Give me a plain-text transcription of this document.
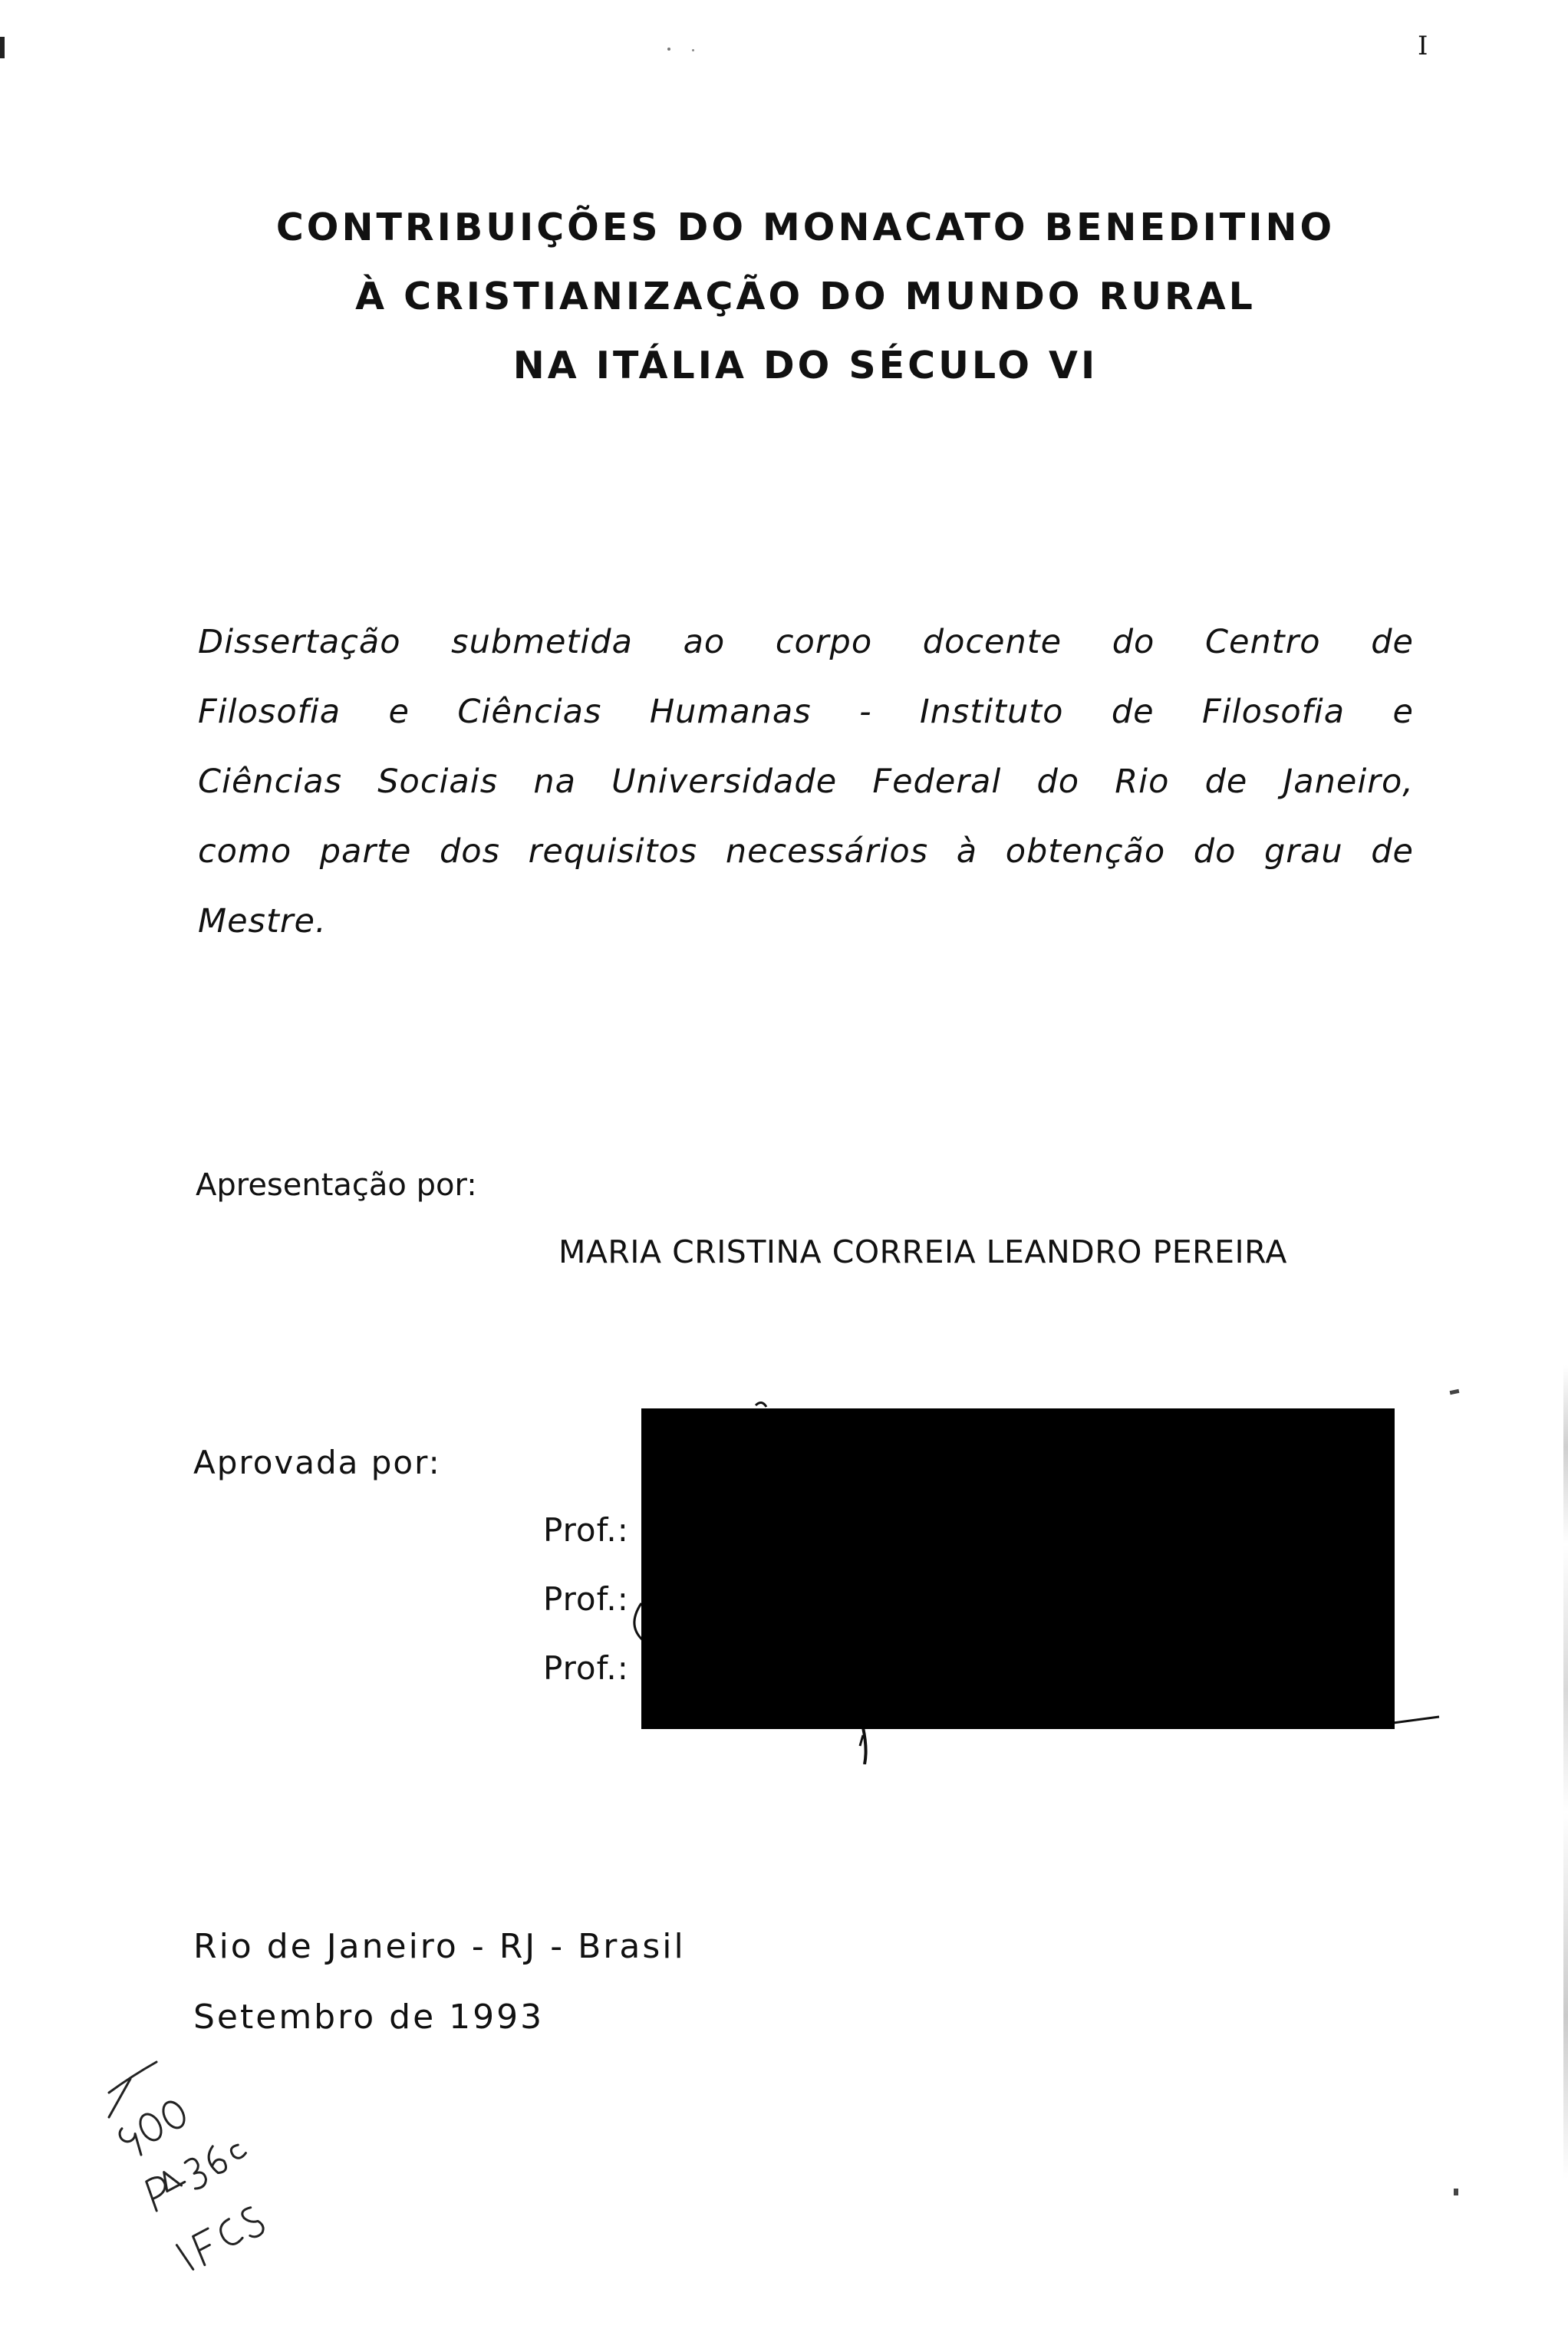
I
CONTRIBUIÇÕES DO MONACATO BENEDITINO
À CRISTIANIZAÇÃO DO MUNDO RURAL
NA ITÁLIA DO SÉCULO VI
Dissertação submetida ao corpo docente do Centro de
Filosofia e Ciências Humanas - Instituto de Filosofia e
Ciências Sociais na Universidade Federal do Rio de Janeiro,
como parte dos requisitos necessários à obtenção do grau de
Mestre.
Apresentação por:
MARIA CRISTINA CORREIA LEANDRO PEREIRA
Aprovada por:
Prof.:
Prof.:
Prof.:
Rio de Janeiro - RJ - Brasil
Setembro de 1993
